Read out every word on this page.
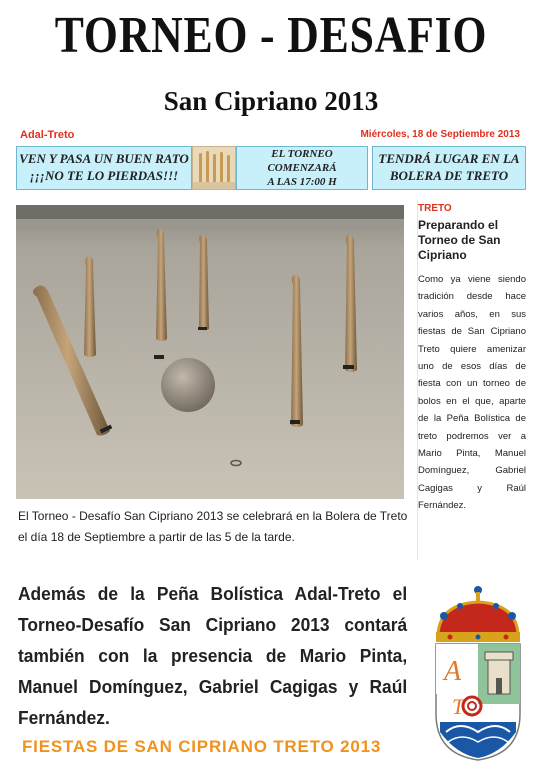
TORNEO - DESAFIO
San Cipriano 2013
Adal-Treto	Miércoles, 18 de Septiembre 2013
VEN Y PASA UN BUEN RATO
¡¡¡NO TE LO PIERDAS!!!
EL TORNEO COMENZARÁ
A LAS 17:00 H
TENDRÁ LUGAR EN LA
BOLERA DE TRETO
El Torneo - Desafío San Cipriano 2013 se celebrará en la Bolera de Treto el día 18 de Septiembre a partir de las 5 de la tarde.
TRETO
Preparando el Torneo de San Cipriano
Como ya viene siendo tradición desde hace varios años, en sus fiestas de San Cipriano Treto quiere amenizar uno de esos días de fiesta con un torneo de bolos en el que, aparte de la Peña Bolística de treto podremos ver a Mario Pinta, Manuel Domínguez, Gabriel Cagigas y Raúl Fernández.
Además de la Peña Bolística Adal-Treto el Torneo-Desafío San Cipriano 2013 contará también con la presencia de Mario Pinta, Manuel Domínguez, Gabriel Cagigas y Raúl Fernández.
FIESTAS DE SAN CIPRIANO TRETO 2013
A
T
